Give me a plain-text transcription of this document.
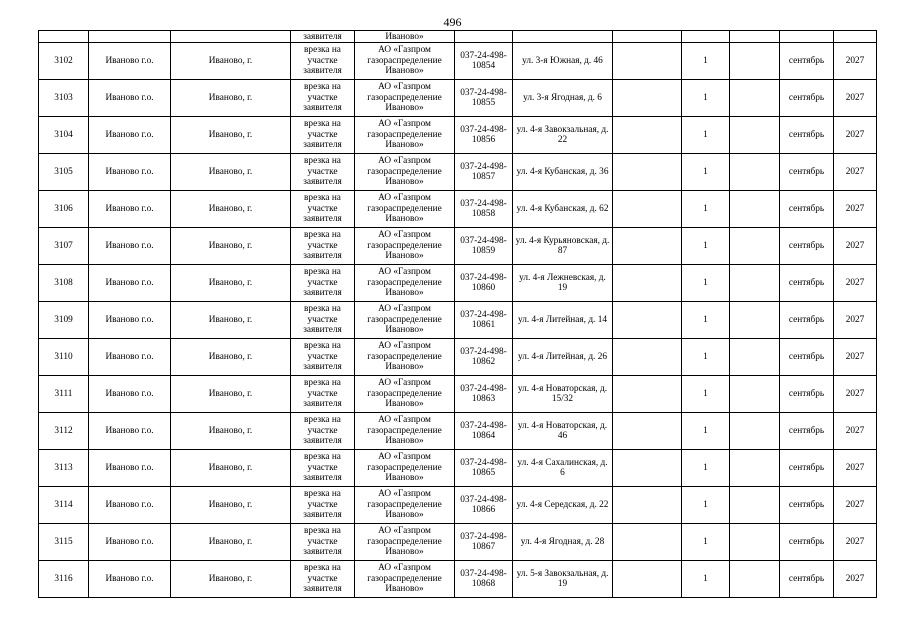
496
			заявителя	Иваново»							
3102	Иваново г.о.	Иваново, г.	врезка на участке заявителя	АО «Газпром газораспределение Иваново»	037-24-498-10854	ул. 3-я Южная, д. 46		1		сентябрь	2027
3103	Иваново г.о.	Иваново, г.	врезка на участке заявителя	АО «Газпром газораспределение Иваново»	037-24-498-10855	ул. 3-я Ягодная, д. 6		1		сентябрь	2027
3104	Иваново г.о.	Иваново, г.	врезка на участке заявителя	АО «Газпром газораспределение Иваново»	037-24-498-10856	ул. 4-я Завокзальная, д. 22		1		сентябрь	2027
3105	Иваново г.о.	Иваново, г.	врезка на участке заявителя	АО «Газпром газораспределение Иваново»	037-24-498-10857	ул. 4-я Кубанская, д. 36		1		сентябрь	2027
3106	Иваново г.о.	Иваново, г.	врезка на участке заявителя	АО «Газпром газораспределение Иваново»	037-24-498-10858	ул. 4-я Кубанская, д. 62		1		сентябрь	2027
3107	Иваново г.о.	Иваново, г.	врезка на участке заявителя	АО «Газпром газораспределение Иваново»	037-24-498-10859	ул. 4-я Курьяновская, д. 87		1		сентябрь	2027
3108	Иваново г.о.	Иваново, г.	врезка на участке заявителя	АО «Газпром газораспределение Иваново»	037-24-498-10860	ул. 4-я Лежневская, д. 19		1		сентябрь	2027
3109	Иваново г.о.	Иваново, г.	врезка на участке заявителя	АО «Газпром газораспределение Иваново»	037-24-498-10861	ул. 4-я Литейная, д. 14		1		сентябрь	2027
3110	Иваново г.о.	Иваново, г.	врезка на участке заявителя	АО «Газпром газораспределение Иваново»	037-24-498-10862	ул. 4-я Литейная, д. 26		1		сентябрь	2027
3111	Иваново г.о.	Иваново, г.	врезка на участке заявителя	АО «Газпром газораспределение Иваново»	037-24-498-10863	ул. 4-я Новаторская, д. 15/32		1		сентябрь	2027
3112	Иваново г.о.	Иваново, г.	врезка на участке заявителя	АО «Газпром газораспределение Иваново»	037-24-498-10864	ул. 4-я Новаторская, д. 46		1		сентябрь	2027
3113	Иваново г.о.	Иваново, г.	врезка на участке заявителя	АО «Газпром газораспределение Иваново»	037-24-498-10865	ул. 4-я Сахалинская, д. 6		1		сентябрь	2027
3114	Иваново г.о.	Иваново, г.	врезка на участке заявителя	АО «Газпром газораспределение Иваново»	037-24-498-10866	ул. 4-я Середская, д. 22		1		сентябрь	2027
3115	Иваново г.о.	Иваново, г.	врезка на участке заявителя	АО «Газпром газораспределение Иваново»	037-24-498-10867	ул. 4-я Ягодная, д. 28		1		сентябрь	2027
3116	Иваново г.о.	Иваново, г.	врезка на участке заявителя	АО «Газпром газораспределение Иваново»	037-24-498-10868	ул. 5-я Завокзальная, д. 19		1		сентябрь	2027
